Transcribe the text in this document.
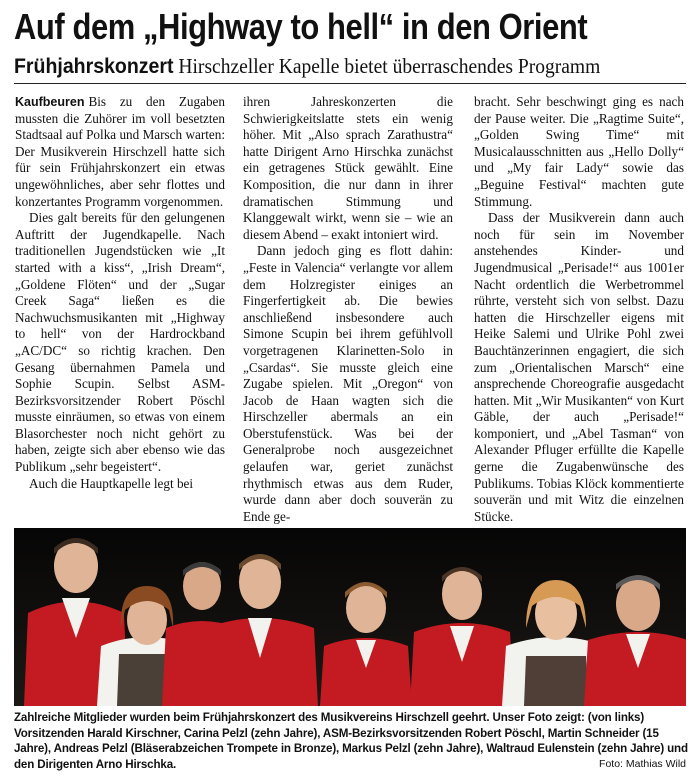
Auf dem „Highway to hell“ in den Orient
Frühjahrskonzert Hirschzeller Kapelle bietet überraschendes Programm

Kaufbeuren Bis zu den Zugaben mussten die Zuhörer im voll besetzten Stadtsaal auf Polka und Marsch warten: Der Musikverein Hirschzell hatte sich für sein Frühjahrskonzert ein etwas ungewöhnliches, aber sehr flottes und konzertantes Programm vorgenommen.

Dies galt bereits für den gelungenen Auftritt der Jugendkapelle. Nach traditionellen Jugendstücken wie „It started with a kiss“, „Irish Dream“, „Goldene Flöten“ und der „Sugar Creek Saga“ ließen es die Nachwuchsmusikanten mit „Highway to hell“ von der Hardrockband „AC/DC“ so richtig krachen. Den Gesang übernahmen Pamela und Sophie Scupin. Selbst ASM-Bezirksvorsitzender Robert Pöschl musste einräumen, so etwas von einem Blasorchester noch nicht gehört zu haben, zeigte sich aber ebenso wie das Publikum „sehr begeistert“.

Auch die Hauptkapelle legt bei

ihren Jahreskonzerten die Schwierigkeitslatte stets ein wenig höher. Mit „Also sprach Zarathustra“ hatte Dirigent Arno Hirschka zunächst ein getragenes Stück gewählt. Eine Komposition, die nur dann in ihrer dramatischen Stimmung und Klanggewalt wirkt, wenn sie – wie an diesem Abend – exakt intoniert wird.

Dann jedoch ging es flott dahin: „Feste in Valencia“ verlangte vor allem dem Holzregister einiges an Fingerfertigkeit ab. Die bewies anschließend insbesondere auch Simone Scupin bei ihrem gefühlvoll vorgetragenen Klarinetten-Solo in „Csardas“. Sie musste gleich eine Zugabe spielen. Mit „Oregon“ von Jacob de Haan wagten sich die Hirschzeller abermals an ein Oberstufenstück. Was bei der Generalprobe noch ausgezeichnet gelaufen war, geriet zunächst rhythmisch etwas aus dem Ruder, wurde dann aber doch souverän zu Ende ge-

bracht. Sehr beschwingt ging es nach der Pause weiter. Die „Ragtime Suite“, „Golden Swing Time“ mit Musicalausschnitten aus „Hello Dolly“ und „My fair Lady“ sowie das „Beguine Festival“ machten gute Stimmung.

Dass der Musikverein dann auch noch für sein im November anstehendes Kinder- und Jugendmusical „Perisade!“ aus 1001er Nacht ordentlich die Werbetrommel rührte, versteht sich von selbst. Dazu hatten die Hirschzeller eigens mit Heike Salemi und Ulrike Pohl zwei Bauchtänzerinnen engagiert, die sich zum „Orientalischen Marsch“ eine ansprechende Choreografie ausgedacht hatten. Mit „Wir Musikanten“ von Kurt Gäble, der auch „Perisade!“ komponiert, und „Abel Tasman“ von Alexander Pfluger erfüllte die Kapelle gerne die Zugabenwünsche des Publikums. Tobias Klöck kommentierte souverän und mit Witz die einzelnen Stücke.

Zahlreiche Mitglieder wurden beim Frühjahrskonzert des Musikvereins Hirschzell geehrt. Unser Foto zeigt: (von links) Vorsitzenden Harald Kirschner, Carina Pelzl (zehn Jahre), ASM-Bezirksvorsitzenden Robert Pöschl, Martin Schneider (15 Jahre), Andreas Pelzl (Bläserabzeichen Trompete in Bronze), Markus Pelzl (zehn Jahre), Waltraud Eulenstein (zehn Jahre) und den Dirigenten Arno Hirschka.	Foto: Mathias Wild
